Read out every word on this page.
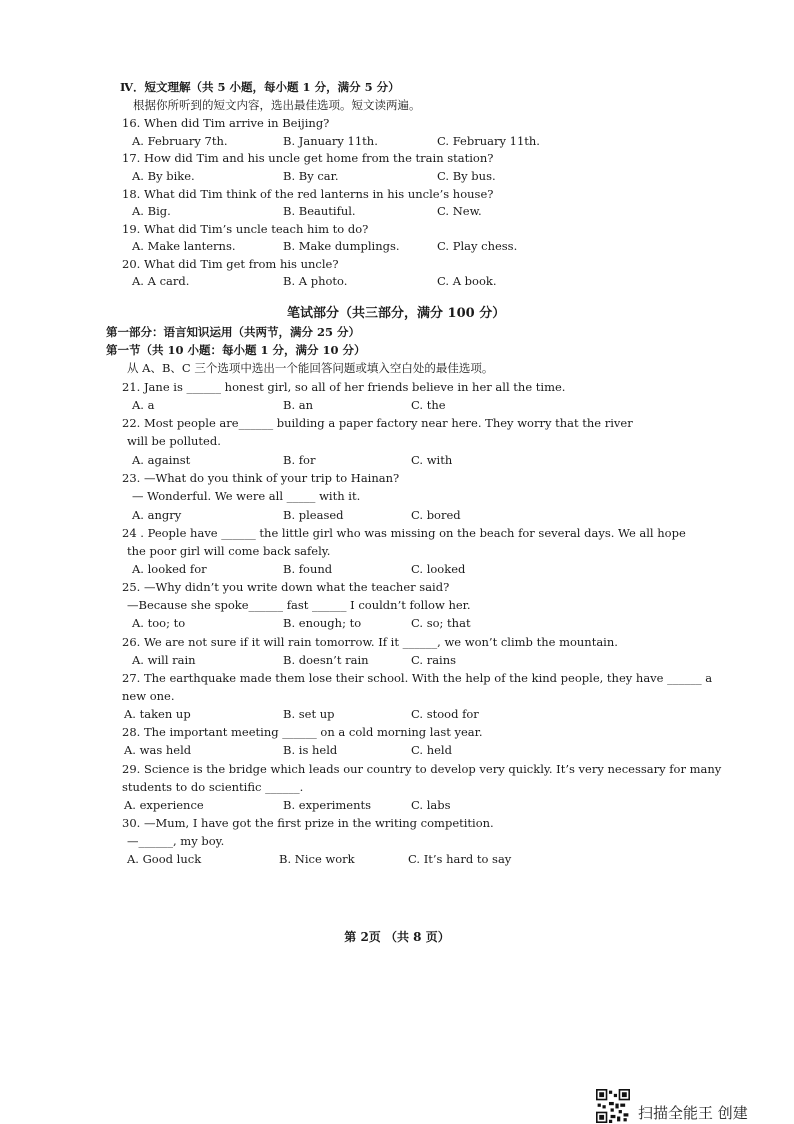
Ⅳ．短文理解（共 5 小题，每小题 1 分，满分 5 分）
根据你所听到的短文内容，选出最佳选项。短文读两遍。
16. When did Tim arrive in Beijing?
A. February 7th.	B. January 11th.	C. February 11th.
17. How did Tim and his uncle get home from the train station?
A. By bike.	B. By car.	C. By bus.
18. What did Tim think of the red lanterns in his uncle’s house?
A. Big.	B. Beautiful.	C. New.
19. What did Tim’s uncle teach him to do?
A. Make lanterns.	B. Make dumplings.	C. Play chess.
20. What did Tim get from his uncle?
A. A card.	B. A photo.	C. A book.
笔试部分（共三部分，满分 100 分）
第一部分：语言知识运用（共两节，满分 25 分）
第一节（共 10 小题：每小题 1 分，满分 10 分）
从 A、B、C 三个选项中选出一个能回答问题或填入空白处的最佳选项。
21. Jane is ______ honest girl, so all of her friends believe in her all the time.
A. a	B. an	C. the
22. Most people are______ building a paper factory near here. They worry that the river
will be polluted.
A. against	B. for	C. with
23. —What do you think of your trip to Hainan?
— Wonderful. We were all _____ with it.
A. angry	B. pleased	C. bored
24 . People have ______ the little girl who was missing on the beach for several days. We all hope
the poor girl will come back safely.
A. looked for	B. found	C. looked
25. —Why didn’t you write down what the teacher said?
—Because she spoke______ fast ______ I couldn’t follow her.
A. too; to	B. enough; to	C. so; that
26. We are not sure if it will rain tomorrow. If it ______, we won’t climb the mountain.
A. will rain	B. doesn’t rain	C. rains
27. The earthquake made them lose their school. With the help of the kind people, they have ______ a
new one.
A. taken up	B. set up	C. stood for
28. The important meeting ______ on a cold morning last year.
A. was held	B. is held	C. held
29. Science is the bridge which leads our country to develop very quickly. It’s very necessary for many
students to do scientific ______.
A. experience	B. experiments	C. labs
30. —Mum, I have got the first prize in the writing competition.
—______, my boy.
A. Good luck	B. Nice work	C. It’s hard to say
第 2页 （共 8 页）
扫描全能王 创建
